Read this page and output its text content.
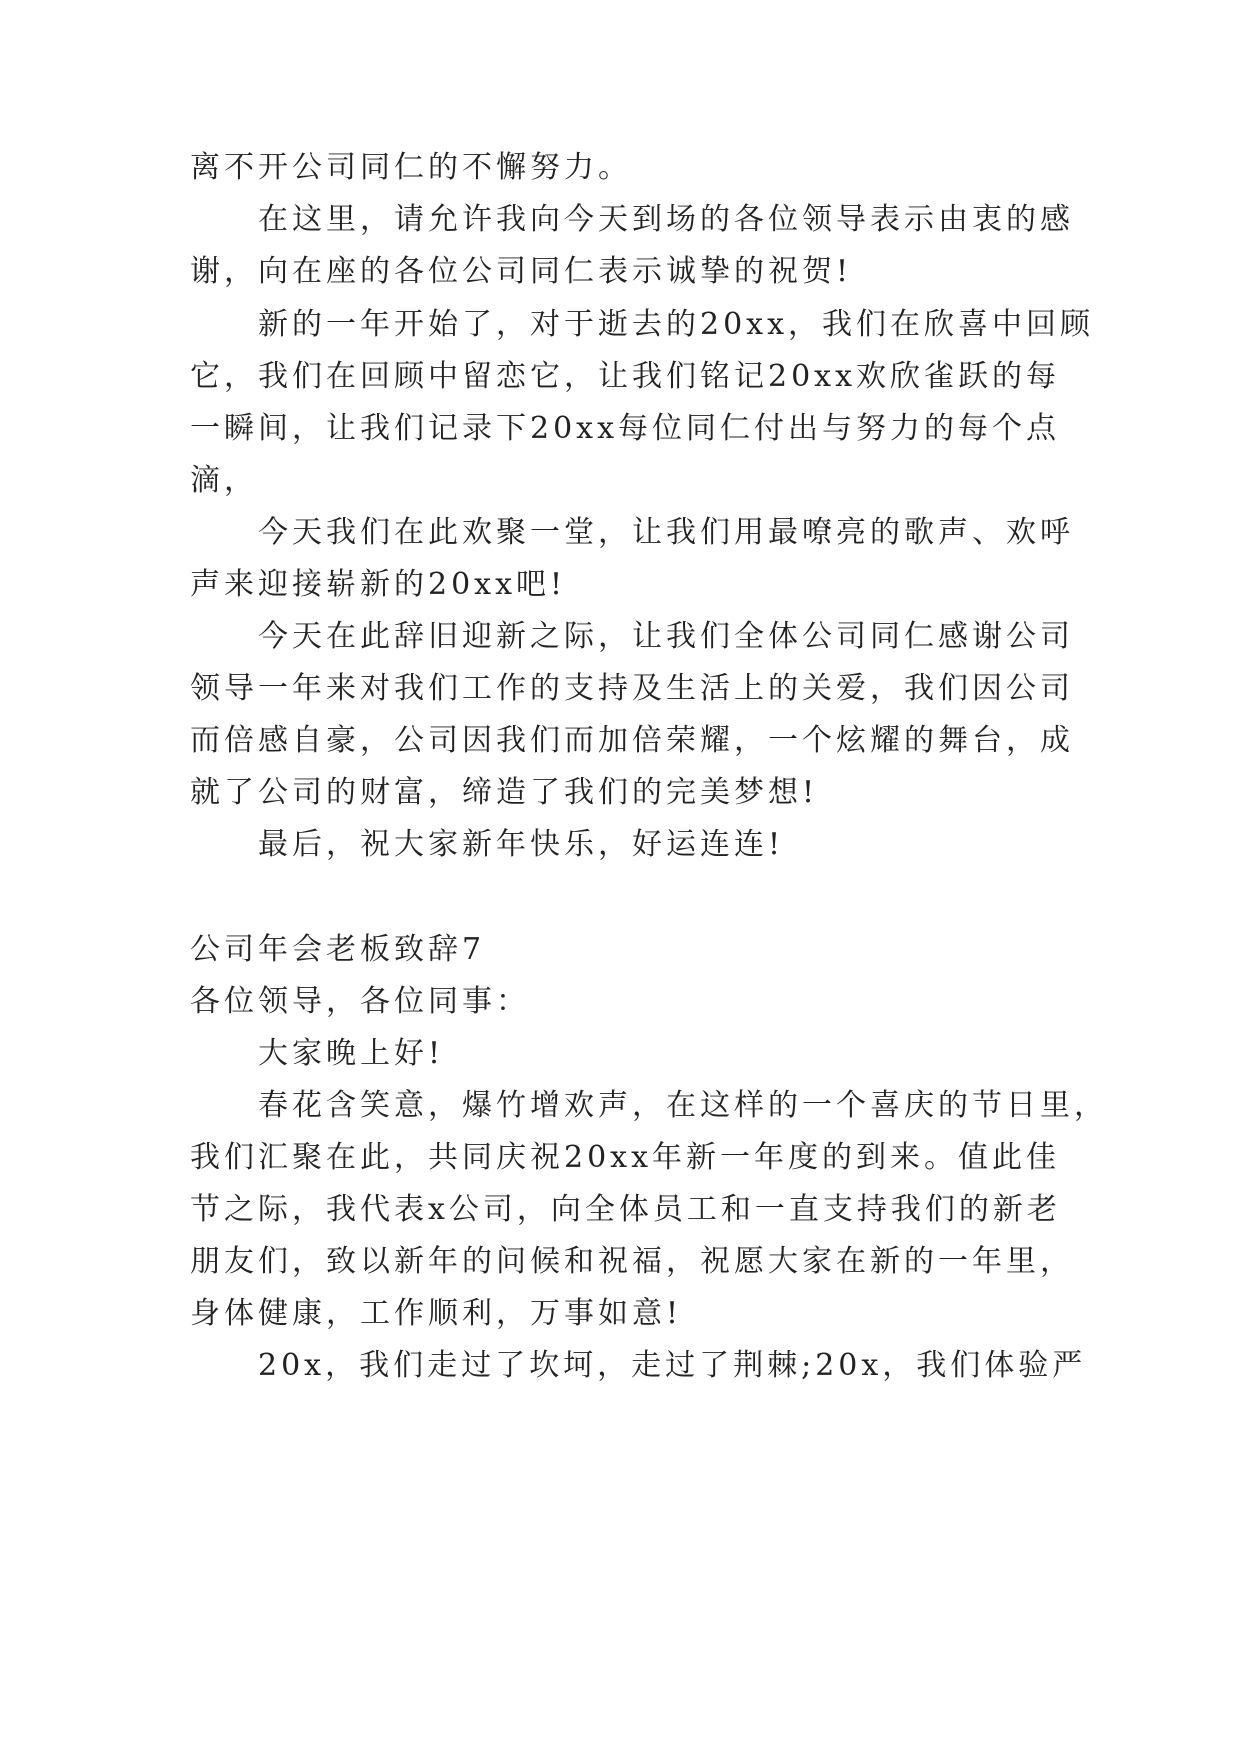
离不开公司同仁的不懈努力。
在这里，请允许我向今天到场的各位领导表示由衷的感
谢，向在座的各位公司同仁表示诚挚的祝贺!
新的一年开始了，对于逝去的20xx，我们在欣喜中回顾
它，我们在回顾中留恋它，让我们铭记20xx欢欣雀跃的每
一瞬间，让我们记录下20xx每位同仁付出与努力的每个点
滴，
今天我们在此欢聚一堂，让我们用最嘹亮的歌声、欢呼
声来迎接崭新的20xx吧!
今天在此辞旧迎新之际，让我们全体公司同仁感谢公司
领导一年来对我们工作的支持及生活上的关爱，我们因公司
而倍感自豪，公司因我们而加倍荣耀，一个炫耀的舞台，成
就了公司的财富，缔造了我们的完美梦想!
最后，祝大家新年快乐，好运连连!
公司年会老板致辞7
各位领导，各位同事：
大家晚上好!
春花含笑意，爆竹增欢声，在这样的一个喜庆的节日里，
我们汇聚在此，共同庆祝20xx年新一年度的到来。值此佳
节之际，我代表x公司，向全体员工和一直支持我们的新老
朋友们，致以新年的问候和祝福，祝愿大家在新的一年里，
身体健康，工作顺利，万事如意!
20x，我们走过了坎坷，走过了荆棘;20x，我们体验严
